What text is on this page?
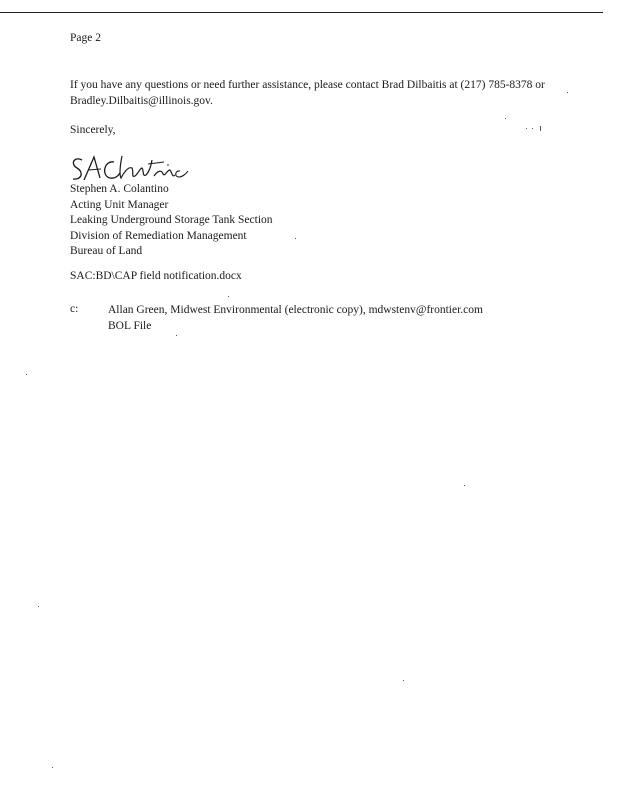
Page 2
If you have any questions or need further assistance, please contact Brad Dilbaitis at (217) 785-8378 or Bradley.Dilbaitis@illinois.gov.
Sincerely,
Stephen A. Colantino
Acting Unit Manager
Leaking Underground Storage Tank Section
Division of Remediation Management
Bureau of Land
SAC:BD\CAP field notification.docx
c:	Allan Green, Midwest Environmental (electronic copy), mdwstenv@frontier.com
BOL File
